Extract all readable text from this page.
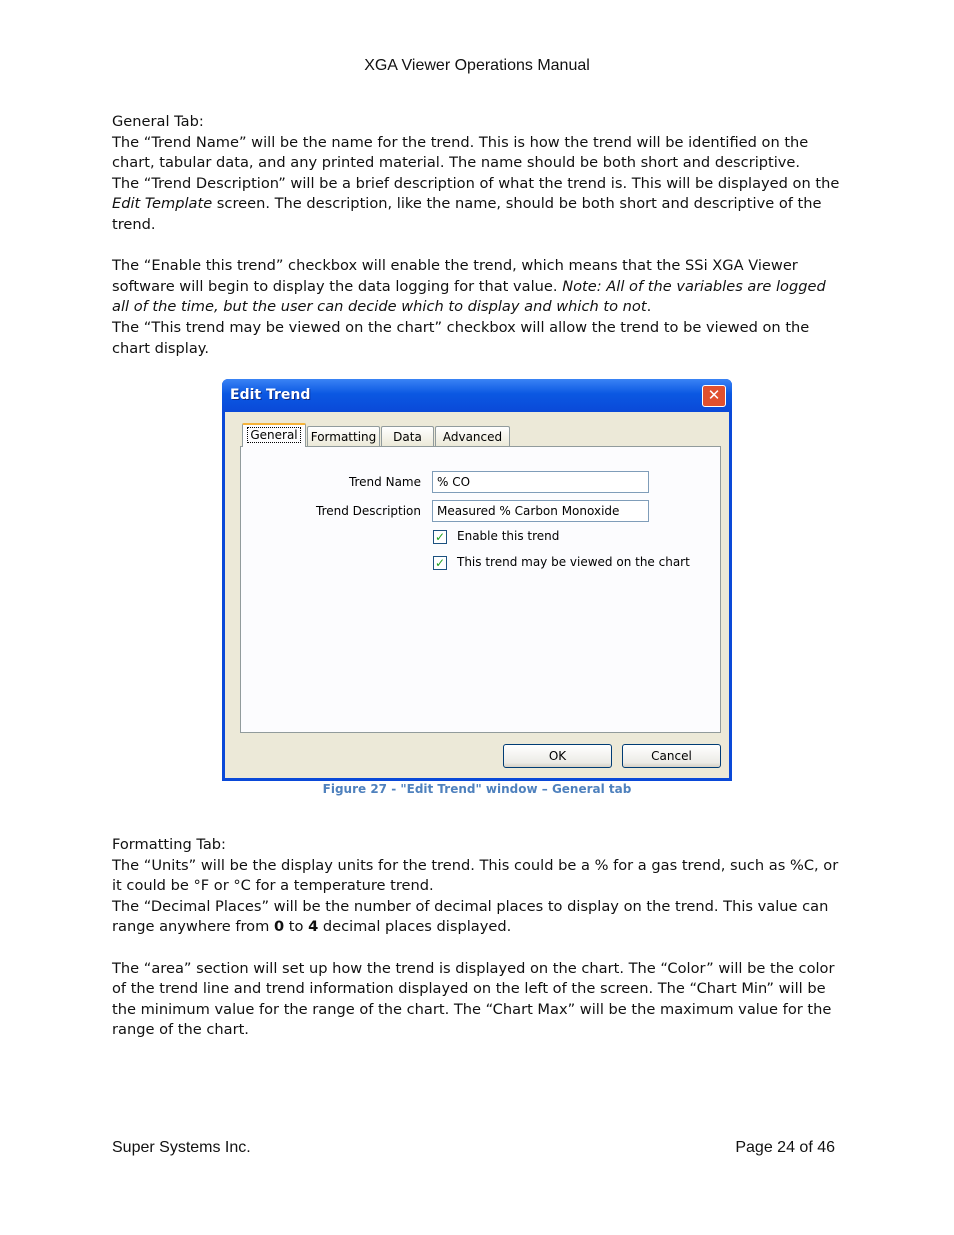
XGA Viewer Operations Manual

General Tab:

The “Trend Name” will be the name for the trend. This is how the trend will be identified on the chart, tabular data, and any printed material. The name should be both short and descriptive.

The “Trend Description” will be a brief description of what the trend is. This will be displayed on the Edit Template screen. The description, like the name, should be both short and descriptive of the trend.

The “Enable this trend” checkbox will enable the trend, which means that the SSi XGA Viewer software will begin to display the data logging for that value. Note: All of the variables are logged all of the time, but the user can decide which to display and which to not.

The “This trend may be viewed on the chart” checkbox will allow the trend to be viewed on the chart display.

Edit Trend	✕
General	Formatting	Data	Advanced
Trend Name	% CO
Trend Description	Measured % Carbon Monoxide
✓ Enable this trend
✓ This trend may be viewed on the chart
OK	Cancel
Figure 27 - "Edit Trend" window – General tab

Formatting Tab:

The “Units” will be the display units for the trend. This could be a % for a gas trend, such as %C, or it could be °F or °C for a temperature trend.

The “Decimal Places” will be the number of decimal places to display on the trend. This value can range anywhere from 0 to 4 decimal places displayed.

The “area” section will set up how the trend is displayed on the chart. The “Color” will be the color of the trend line and trend information displayed on the left of the screen. The “Chart Min” will be the minimum value for the range of the chart. The “Chart Max” will be the maximum value for the range of the chart.

Super Systems Inc.	Page 24 of 46
